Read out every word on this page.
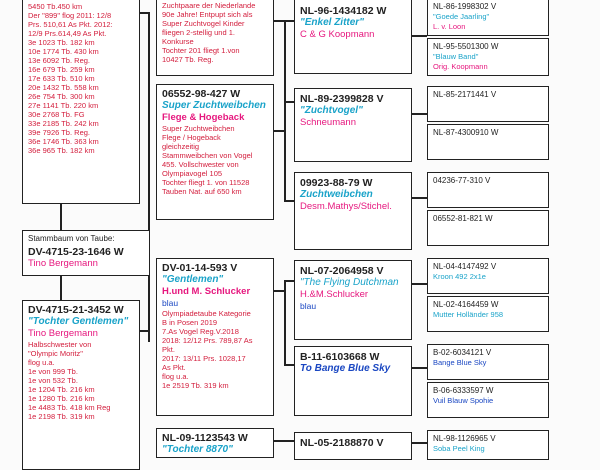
5450 Tb.450 km
Der "899" flog 2011: 12/8
Prs. 510,61 As Pkt. 2012:
12/9 Prs.614,49 As Pkt.
3e 1023 Tb. 182 km
10e 1774 Tb. 430 km
13e 6092 Tb. Reg.
16e 679 Tb. 259 km
17e 633 Tb. 510 km
20e 1432 Tb. 558 km
26e 754 Tb. 300 km
27e 1141 Tb. 220 km
30e 2768 Tb. FG
33e 2185 Tb. 242 km
39e 7926 Tb. Reg.
36e 1746 Tb. 363 km
36e 965 Tb. 182 km
Stammbaum von Taube:
DV-4715-23-1646 W
Tino Bergemann
DV-4715-21-3452 W
"Tochter Gentlemen"
Tino Bergemann
Halbschwester von
"Olympic Moritz"
flog u.a.
1e von 999 Tb.
1e von 532 Tb.
1e 1204 Tb. 216 km
1e 1280 Tb. 216 km
1e 4483 Tb. 418 km Reg
1e 2198 Tb. 319 km
Zuchtpaare der Niederlande
90e Jahre! Entpupt sich als
Super Zuchtvogel Kinder
fliegen 2-stellig und 1.
Konkurse
Tochter 201 fliegt 1.von
10427 Tb. Reg.
06552-98-427 W
Super Zuchtweibchen
Flege & Hogeback
Super Zuchtweibchen
Flege / Hogeback
gleichzeitig
Stammweibchen von Vogel
455. Vollschwester von
Olympiavogel 105
Tochter fliegt 1. von 11528
Tauben Nat. auf 650 km
DV-01-14-593 V
"Gentlemen"
H.und M. Schlucker
blau
Olympiadetaube Kategorie
B in Posen 2019
7.As Vogel Reg.V.2018
2018: 12/12 Prs. 789,87 As
Pkt.
2017: 13/11 Prs. 1028,17
As Pkt.
flog u.a.
1e 2519 Tb. 319 km
NL-09-1123543 W
"Tochter 8870"
NL-96-1434182 W
"Enkel Zitter"
C & G Koopmann
NL-89-2399828 V
"Zuchtvogel"
Schneumann
09923-88-79 W
Zuchtweibchen
Desm.Mathys/Stichel.
NL-07-2064958 V
"The Flying Dutchman
H.&M.Schlucker
blau
B-11-6103668 W
To Bange Blue Sky
NL-05-2188870 V
NL-86-1998302 V
"Goede Jaarling"
L. v. Loon
NL-95-5501300 W
"Blauw Band"
Orig. Koopmann
NL-85-2171441 V
NL-87-4300910 W
04236-77-310 V
06552-81-821 W
NL-04-4147492 V
Kroon 492 2x1e
NL-02-4164459 W
Mutter Holländer 958
B-02-6034121 V
Bange Blue Sky
B-06-6333597 W
Vuil Blauw Spohie
NL-98-1126965 V
Soba Peel King
